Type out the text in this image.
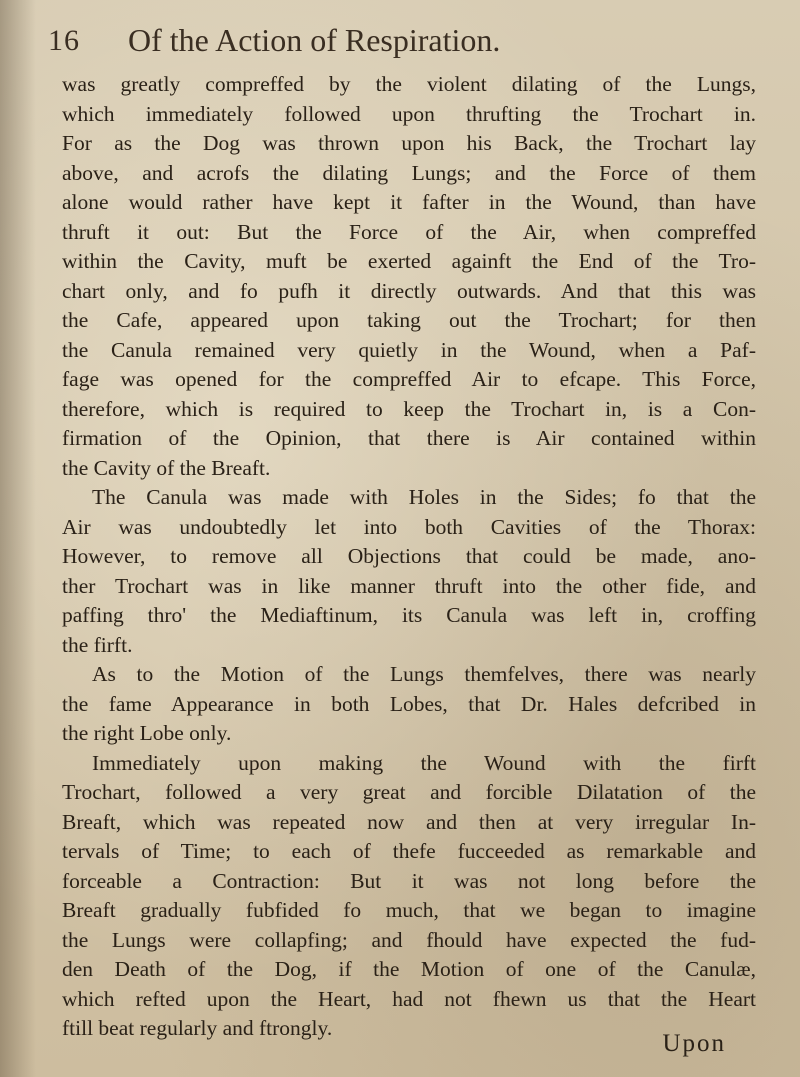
16 Of the Action of Respiration.
was greatly compreffed by the violent dilating of the Lungs,
which immediately followed upon thrufting the Trochart in.
For as the Dog was thrown upon his Back, the Trochart lay
above, and acrofs the dilating Lungs; and the Force of them
alone would rather have kept it fafter in the Wound, than have
thruft it out: But the Force of the Air, when compreffed
within the Cavity, muft be exerted againft the End of the Tro-
chart only, and fo pufh it directly outwards. And that this was
the Cafe, appeared upon taking out the Trochart; for then
the Canula remained very quietly in the Wound, when a Paf-
fage was opened for the compreffed Air to efcape. This Force,
therefore, which is required to keep the Trochart in, is a Con-
firmation of the Opinion, that there is Air contained within
the Cavity of the Breaft.
The Canula was made with Holes in the Sides; fo that the
Air was undoubtedly let into both Cavities of the Thorax:
However, to remove all Objections that could be made, ano-
ther Trochart was in like manner thruft into the other fide, and
paffing thro' the Mediaftinum, its Canula was left in, croffing
the firft.
As to the Motion of the Lungs themfelves, there was nearly
the fame Appearance in both Lobes, that Dr. Hales defcribed in
the right Lobe only.
Immediately upon making the Wound with the firft
Trochart, followed a very great and forcible Dilatation of the
Breaft, which was repeated now and then at very irregular In-
tervals of Time; to each of thefe fucceeded as remarkable and
forceable a Contraction: But it was not long before the
Breaft gradually fubfided fo much, that we began to imagine
the Lungs were collapfing; and fhould have expected the fud-
den Death of the Dog, if the Motion of one of the Canulæ,
which refted upon the Heart, had not fhewn us that the Heart
ftill beat regularly and ftrongly.
Upon
